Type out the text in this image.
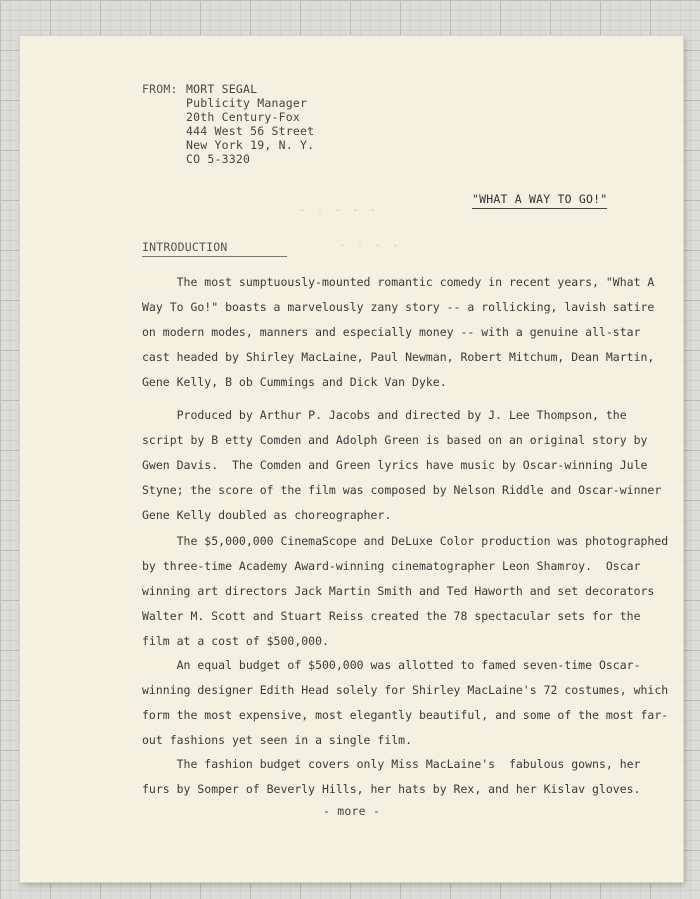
FROM: MORT SEGAL
Publicity Manager
20th Century-Fox
444 West 56 Street
New York 19, N. Y.
CO 5-3320
"WHAT A WAY TO GO!"
· · · · ·
· · · ·
INTRODUCTION
The most sumptuously-mounted romantic comedy in recent years, "What A
Way To Go!" boasts a marvelously zany story -- a rollicking, lavish satire
on modern modes, manners and especially money -- with a genuine all-star
cast headed by Shirley MacLaine, Paul Newman, Robert Mitchum, Dean Martin,
Gene Kelly, B ob Cummings and Dick Van Dyke.
Produced by Arthur P. Jacobs and directed by J. Lee Thompson, the
script by B etty Comden and Adolph Green is based on an original story by
Gwen Davis.  The Comden and Green lyrics have music by Oscar-winning Jule
Styne; the score of the film was composed by Nelson Riddle and Oscar-winner
Gene Kelly doubled as choreographer.
The $5,000,000 CinemaScope and DeLuxe Color production was photographed
by three-time Academy Award-winning cinematographer Leon Shamroy.  Oscar
winning art directors Jack Martin Smith and Ted Haworth and set decorators
Walter M. Scott and Stuart Reiss created the 78 spectacular sets for the
film at a cost of $500,000.
An equal budget of $500,000 was allotted to famed seven-time Oscar-
winning designer Edith Head solely for Shirley MacLaine's 72 costumes, which
form the most expensive, most elegantly beautiful, and some of the most far-
out fashions yet seen in a single film.
The fashion budget covers only Miss MacLaine's  fabulous gowns, her
furs by Somper of Beverly Hills, her hats by Rex, and her Kislav gloves.
- more -
